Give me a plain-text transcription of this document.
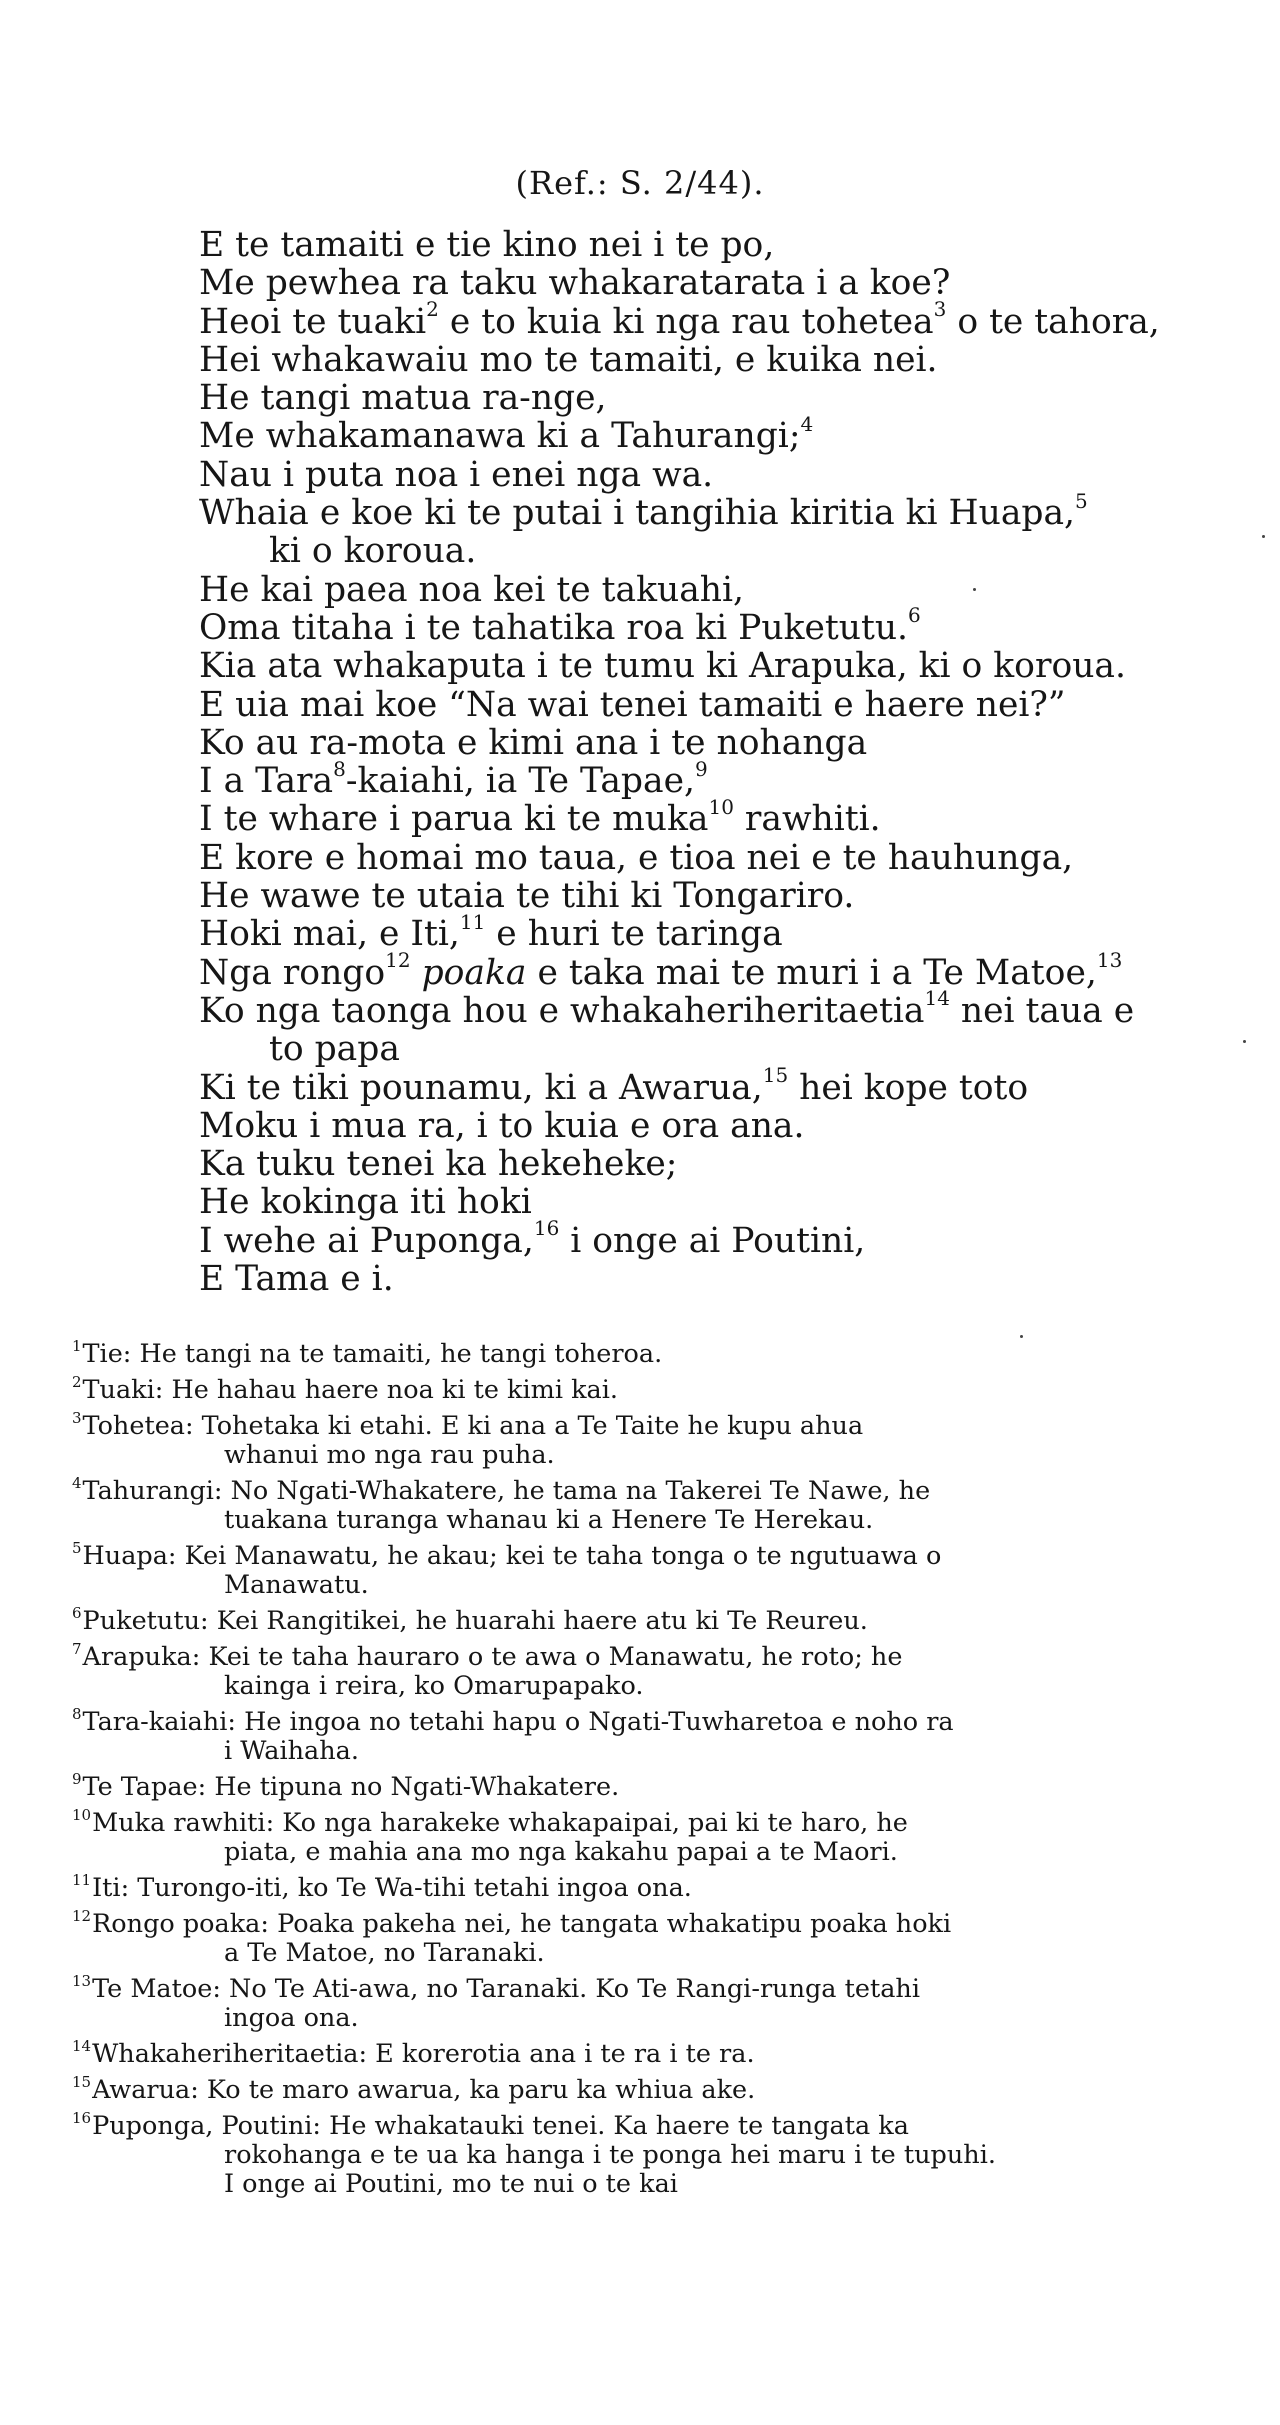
(Ref.: S. 2/44).
E te tamaiti e tie kino nei i te po,
Me pewhea ra taku whakaratarata i a koe?
Heoi te tuaki$^2$ e to kuia ki nga rau tohetea$^3$ o te tahora,
Hei whakawaiu mo te tamaiti, e kuika nei.
He tangi matua ra-nge,
Me whakamanawa ki a Tahurangi;$^4$
Nau i puta noa i enei nga wa.
Whaia e koe ki te putai i tangihia kiritia ki Huapa,$^5$
ki o koroua.
He kai paea noa kei te takuahi,
Oma titaha i te tahatika roa ki Puketutu.$^6$
Kia ata whakaputa i te tumu ki Arapuka, ki o koroua.
E uia mai koe “Na wai tenei tamaiti e haere nei?”
Ko au ra-mota e kimi ana i te nohanga
I a Tara$^8$-kaiahi, ia Te Tapae,$^9$
I te whare i parua ki te muka$^{10}$ rawhiti.
E kore e homai mo taua, e tioa nei e te hauhunga,
He wawe te utaia te tihi ki Tongariro.
Hoki mai, e Iti,$^{11}$ e huri te taringa
Nga rongo$^{12}$ poaka e taka mai te muri i a Te Matoe,$^{13}$
Ko nga taonga hou e whakaheriheritaetia$^{14}$ nei taua e
to papa
Ki te tiki pounamu, ki a Awarua,$^{15}$ hei kope toto
Moku i mua ra, i to kuia e ora ana.
Ka tuku tenei ka hekeheke;
He kokinga iti hoki
I wehe ai Puponga,$^{16}$ i onge ai Poutini,
E Tama e i.
$^1$Tie: He tangi na te tamaiti, he tangi toheroa.
$^2$Tuaki: He hahau haere noa ki te kimi kai.
$^3$Tohetea: Tohetaka ki etahi. E ki ana a Te Taite he kupu ahua
whanui mo nga rau puha.
$^4$Tahurangi: No Ngati-Whakatere, he tama na Takerei Te Nawe, he
tuakana turanga whanau ki a Henere Te Herekau.
$^5$Huapa: Kei Manawatu, he akau; kei te taha tonga o te ngutuawa o
Manawatu.
$^6$Puketutu: Kei Rangitikei, he huarahi haere atu ki Te Reureu.
$^7$Arapuka: Kei te taha hauraro o te awa o Manawatu, he roto; he
kainga i reira, ko Omarupapako.
$^8$Tara-kaiahi: He ingoa no tetahi hapu o Ngati-Tuwharetoa e noho ra
i Waihaha.
$^9$Te Tapae: He tipuna no Ngati-Whakatere.
$^{10}$Muka rawhiti: Ko nga harakeke whakapaipai, pai ki te haro, he
piata, e mahia ana mo nga kakahu papai a te Maori.
$^{11}$Iti: Turongo-iti, ko Te Wa-tihi tetahi ingoa ona.
$^{12}$Rongo poaka: Poaka pakeha nei, he tangata whakatipu poaka hoki
a Te Matoe, no Taranaki.
$^{13}$Te Matoe: No Te Ati-awa, no Taranaki. Ko Te Rangi-runga tetahi
ingoa ona.
$^{14}$Whakaheriheritaetia: E korerotia ana i te ra i te ra.
$^{15}$Awarua: Ko te maro awarua, ka paru ka whiua ake.
$^{16}$Puponga, Poutini: He whakatauki tenei. Ka haere te tangata ka
rokohanga e te ua ka hanga i te ponga hei maru i te tupuhi.
I onge ai Poutini, mo te nui o te kai
